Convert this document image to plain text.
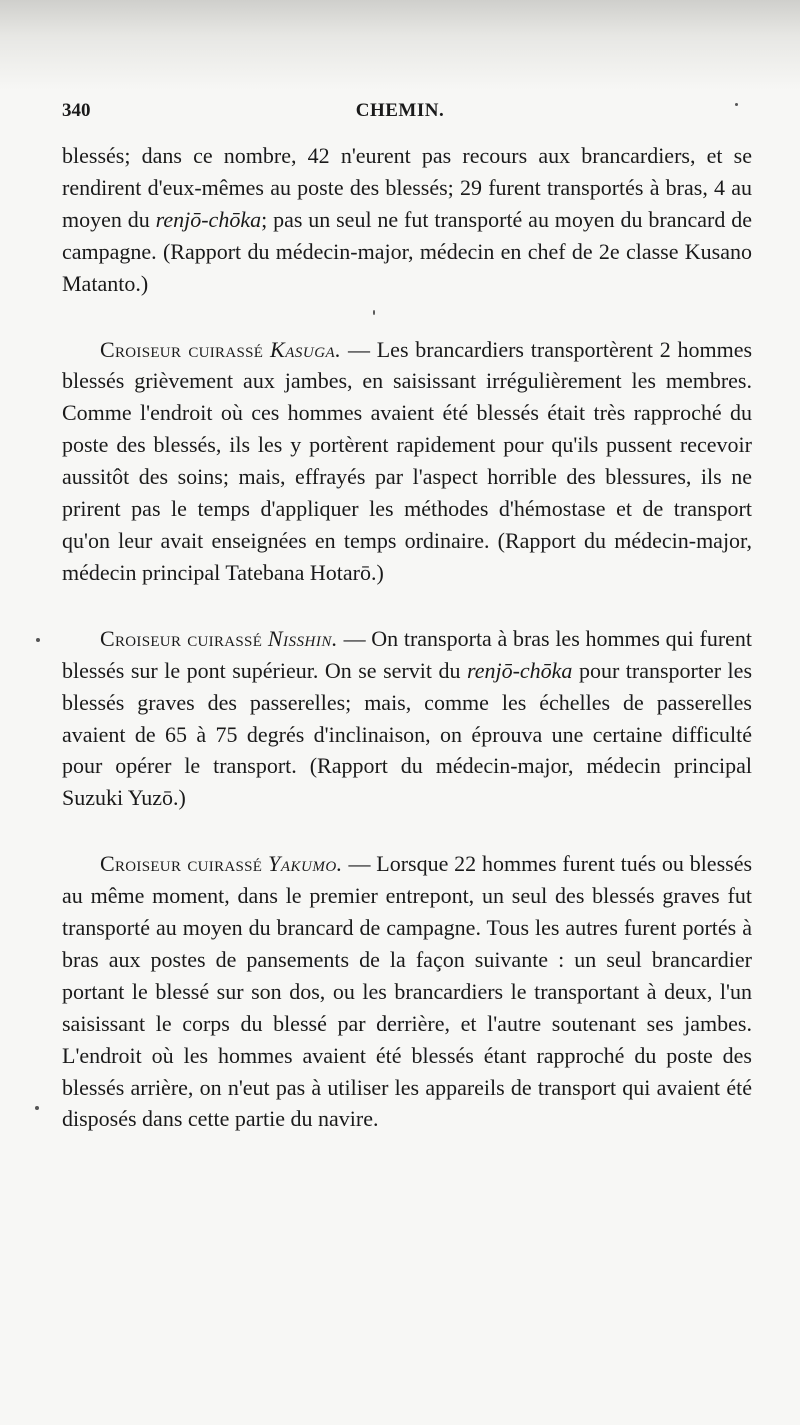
340	CHEMIN.

blessés; dans ce nombre, 42 n'eurent pas recours aux brancardiers, et se rendirent d'eux-mêmes au poste des blessés; 29 furent transportés à bras, 4 au moyen du renjō-chōka; pas un seul ne fut transporté au moyen du brancard de campagne. (Rapport du médecin-major, médecin en chef de 2e classe Kusano Matanto.)

Croiseur cuirassé Kasuga. — Les brancardiers transportèrent 2 hommes blessés grièvement aux jambes, en saisissant irrégulièrement les membres. Comme l'endroit où ces hommes avaient été blessés était très rapproché du poste des blessés, ils les y portèrent rapidement pour qu'ils pussent recevoir aussitôt des soins; mais, effrayés par l'aspect horrible des blessures, ils ne prirent pas le temps d'appliquer les méthodes d'hémostase et de transport qu'on leur avait enseignées en temps ordinaire. (Rapport du médecin-major, médecin principal Tatebana Hotarō.)

Croiseur cuirassé Nisshin. — On transporta à bras les hommes qui furent blessés sur le pont supérieur. On se servit du renjō-chōka pour transporter les blessés graves des passerelles; mais, comme les échelles de passerelles avaient de 65 à 75 degrés d'inclinaison, on éprouva une certaine difficulté pour opérer le transport. (Rapport du médecin-major, médecin principal Suzuki Yuzō.)

Croiseur cuirassé Yakumo. — Lorsque 22 hommes furent tués ou blessés au même moment, dans le premier entrepont, un seul des blessés graves fut transporté au moyen du brancard de campagne. Tous les autres furent portés à bras aux postes de pansements de la façon suivante : un seul brancardier portant le blessé sur son dos, ou les brancardiers le transportant à deux, l'un saisissant le corps du blessé par derrière, et l'autre soutenant ses jambes. L'endroit où les hommes avaient été blessés étant rapproché du poste des blessés arrière, on n'eut pas à utiliser les appareils de transport qui avaient été disposés dans cette partie du navire.
